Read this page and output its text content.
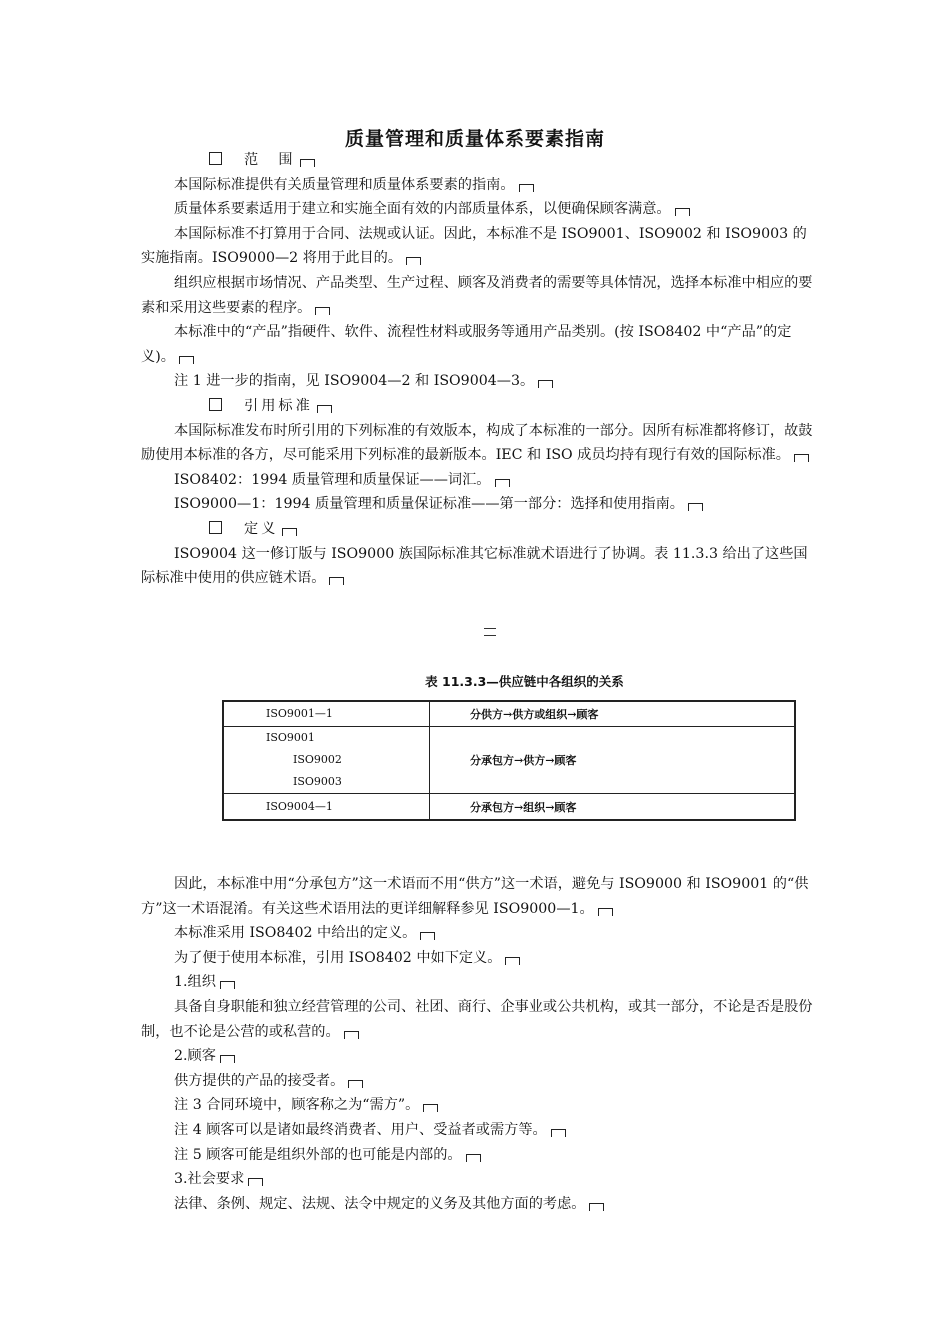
质量管理和质量体系要素指南

范　围

本国际标准提供有关质量管理和质量体系要素的指南。

质量体系要素适用于建立和实施全面有效的内部质量体系，以便确保顾客满意。

本国际标准不打算用于合同、法规或认证。因此，本标准不是 ISO9001、ISO9002 和 ISO9003 的实施指南。ISO9000—2 将用于此目的。

组织应根据市场情况、产品类型、生产过程、顾客及消费者的需要等具体情况，选择本标准中相应的要素和采用这些要素的程序。

本标准中的“产品”指硬件、软件、流程性材料或服务等通用产品类别。(按 ISO8402 中“产品”的定义)。

注 1 进一步的指南，见 ISO9004—2 和 ISO9004—3。

引用标准

本国际标准发布时所引用的下列标准的有效版本，构成了本标准的一部分。因所有标准都将修订，故鼓励使用本标准的各方，尽可能采用下列标准的最新版本。IEC 和 ISO 成员均持有现行有效的国际标准。

ISO8402：1994 质量管理和质量保证——词汇。

ISO9000—1：1994 质量管理和质量保证标准——第一部分：选择和使用指南。

定义

ISO9004 这一修订版与 ISO9000 族国际标准其它标准就术语进行了协调。表 11.3.3 给出了这些国际标准中使用的供应链术语。

表 11.3.3—供应链中各组织的关系
ISO9001—1	分供方→供方或组织→顾客

ISO9001
ISO9002
ISO9003	分承包方→供方→顾客

ISO9004—1	分承包方→组织→顾客

因此，本标准中用“分承包方”这一术语而不用“供方”这一术语，避免与 ISO9000 和 ISO9001 的“供方”这一术语混淆。有关这些术语用法的更详细解释参见 ISO9000—1。

本标准采用 ISO8402 中给出的定义。

为了便于使用本标准，引用 ISO8402 中如下定义。

1.组织

具备自身职能和独立经营管理的公司、社团、商行、企事业或公共机构，或其一部分，不论是否是股份制，也不论是公营的或私营的。

2.顾客

供方提供的产品的接受者。

注 3 合同环境中，顾客称之为“需方”。

注 4 顾客可以是诸如最终消费者、用户、受益者或需方等。

注 5 顾客可能是组织外部的也可能是内部的。

3.社会要求

法律、条例、规定、法规、法令中规定的义务及其他方面的考虑。
